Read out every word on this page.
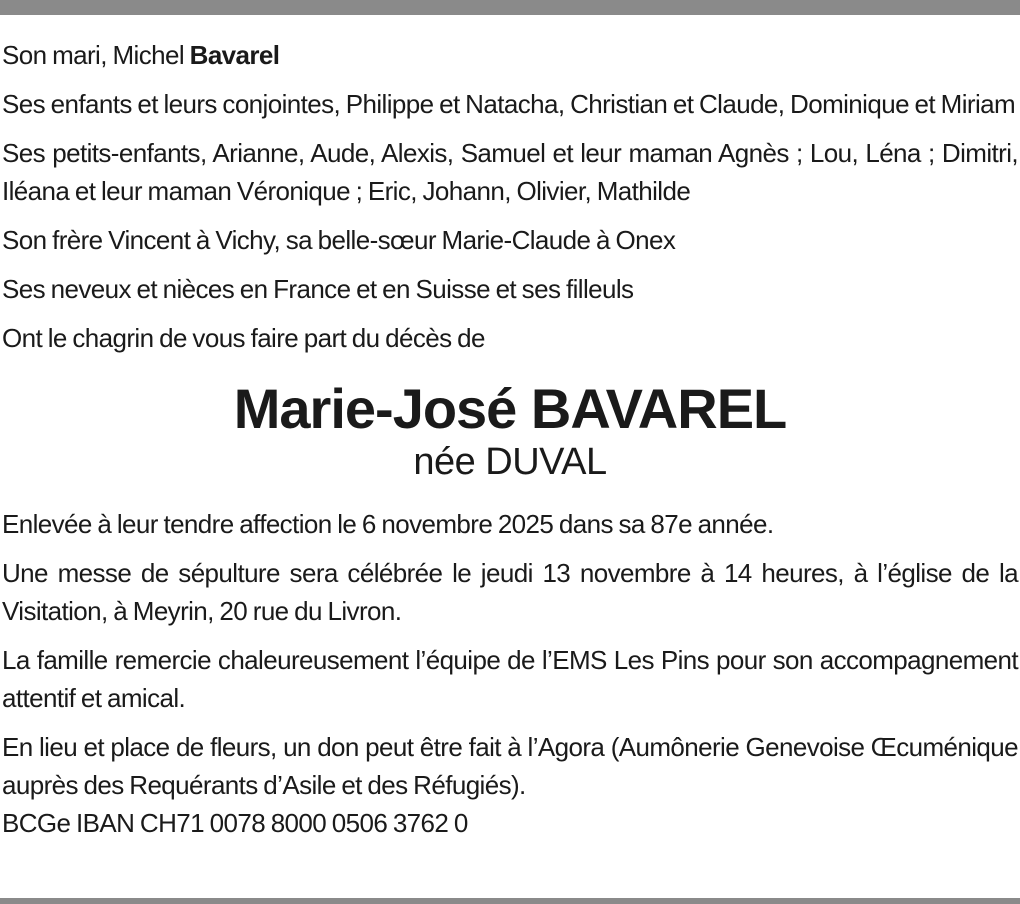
Son mari, Michel Bavarel

Ses enfants et leurs conjointes, Philippe et Natacha, Christian et Claude, Dominique et Miriam

Ses petits-enfants, Arianne, Aude, Alexis, Samuel et leur maman Agnès ; Lou, Léna ; Dimitri, Iléana et leur maman Véronique ; Eric, Johann, Olivier, Mathilde

Son frère Vincent à Vichy, sa belle-sœur Marie-Claude à Onex

Ses neveux et nièces en France et en Suisse et ses filleuls

Ont le chagrin de vous faire part du décès de

Marie-José BAVAREL
née DUVAL

Enlevée à leur tendre affection le 6 novembre 2025 dans sa 87e année.

Une messe de sépulture sera célébrée le jeudi 13 novembre à 14 heures, à l’église de la Visitation, à Meyrin, 20 rue du Livron.

La famille remercie chaleureusement l’équipe de l’EMS Les Pins pour son accompagnement attentif et amical.

En lieu et place de fleurs, un don peut être fait à l’Agora (Aumônerie Genevoise Œcuménique auprès des Requérants d’Asile et des Réfugiés).
BCGe IBAN CH71 0078 8000 0506 3762 0
